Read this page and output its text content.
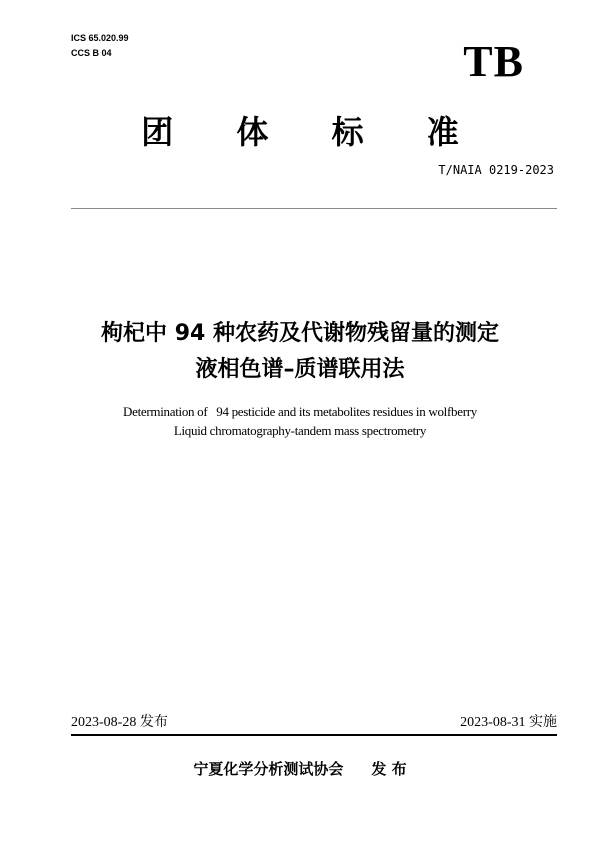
ICS 65.020.99
CCS B 04	TB
团 体 标 准
T/NAIA 0219-2023
枸杞中 94 种农药及代谢物残留量的测定
液相色谱–质谱联用法
Determination of   94 pesticide and its metabolites residues in wolfberry
Liquid chromatography-tandem mass spectrometry
2023-08-28 发布	2023-08-31 实施
宁夏化学分析测试协会 发 布
